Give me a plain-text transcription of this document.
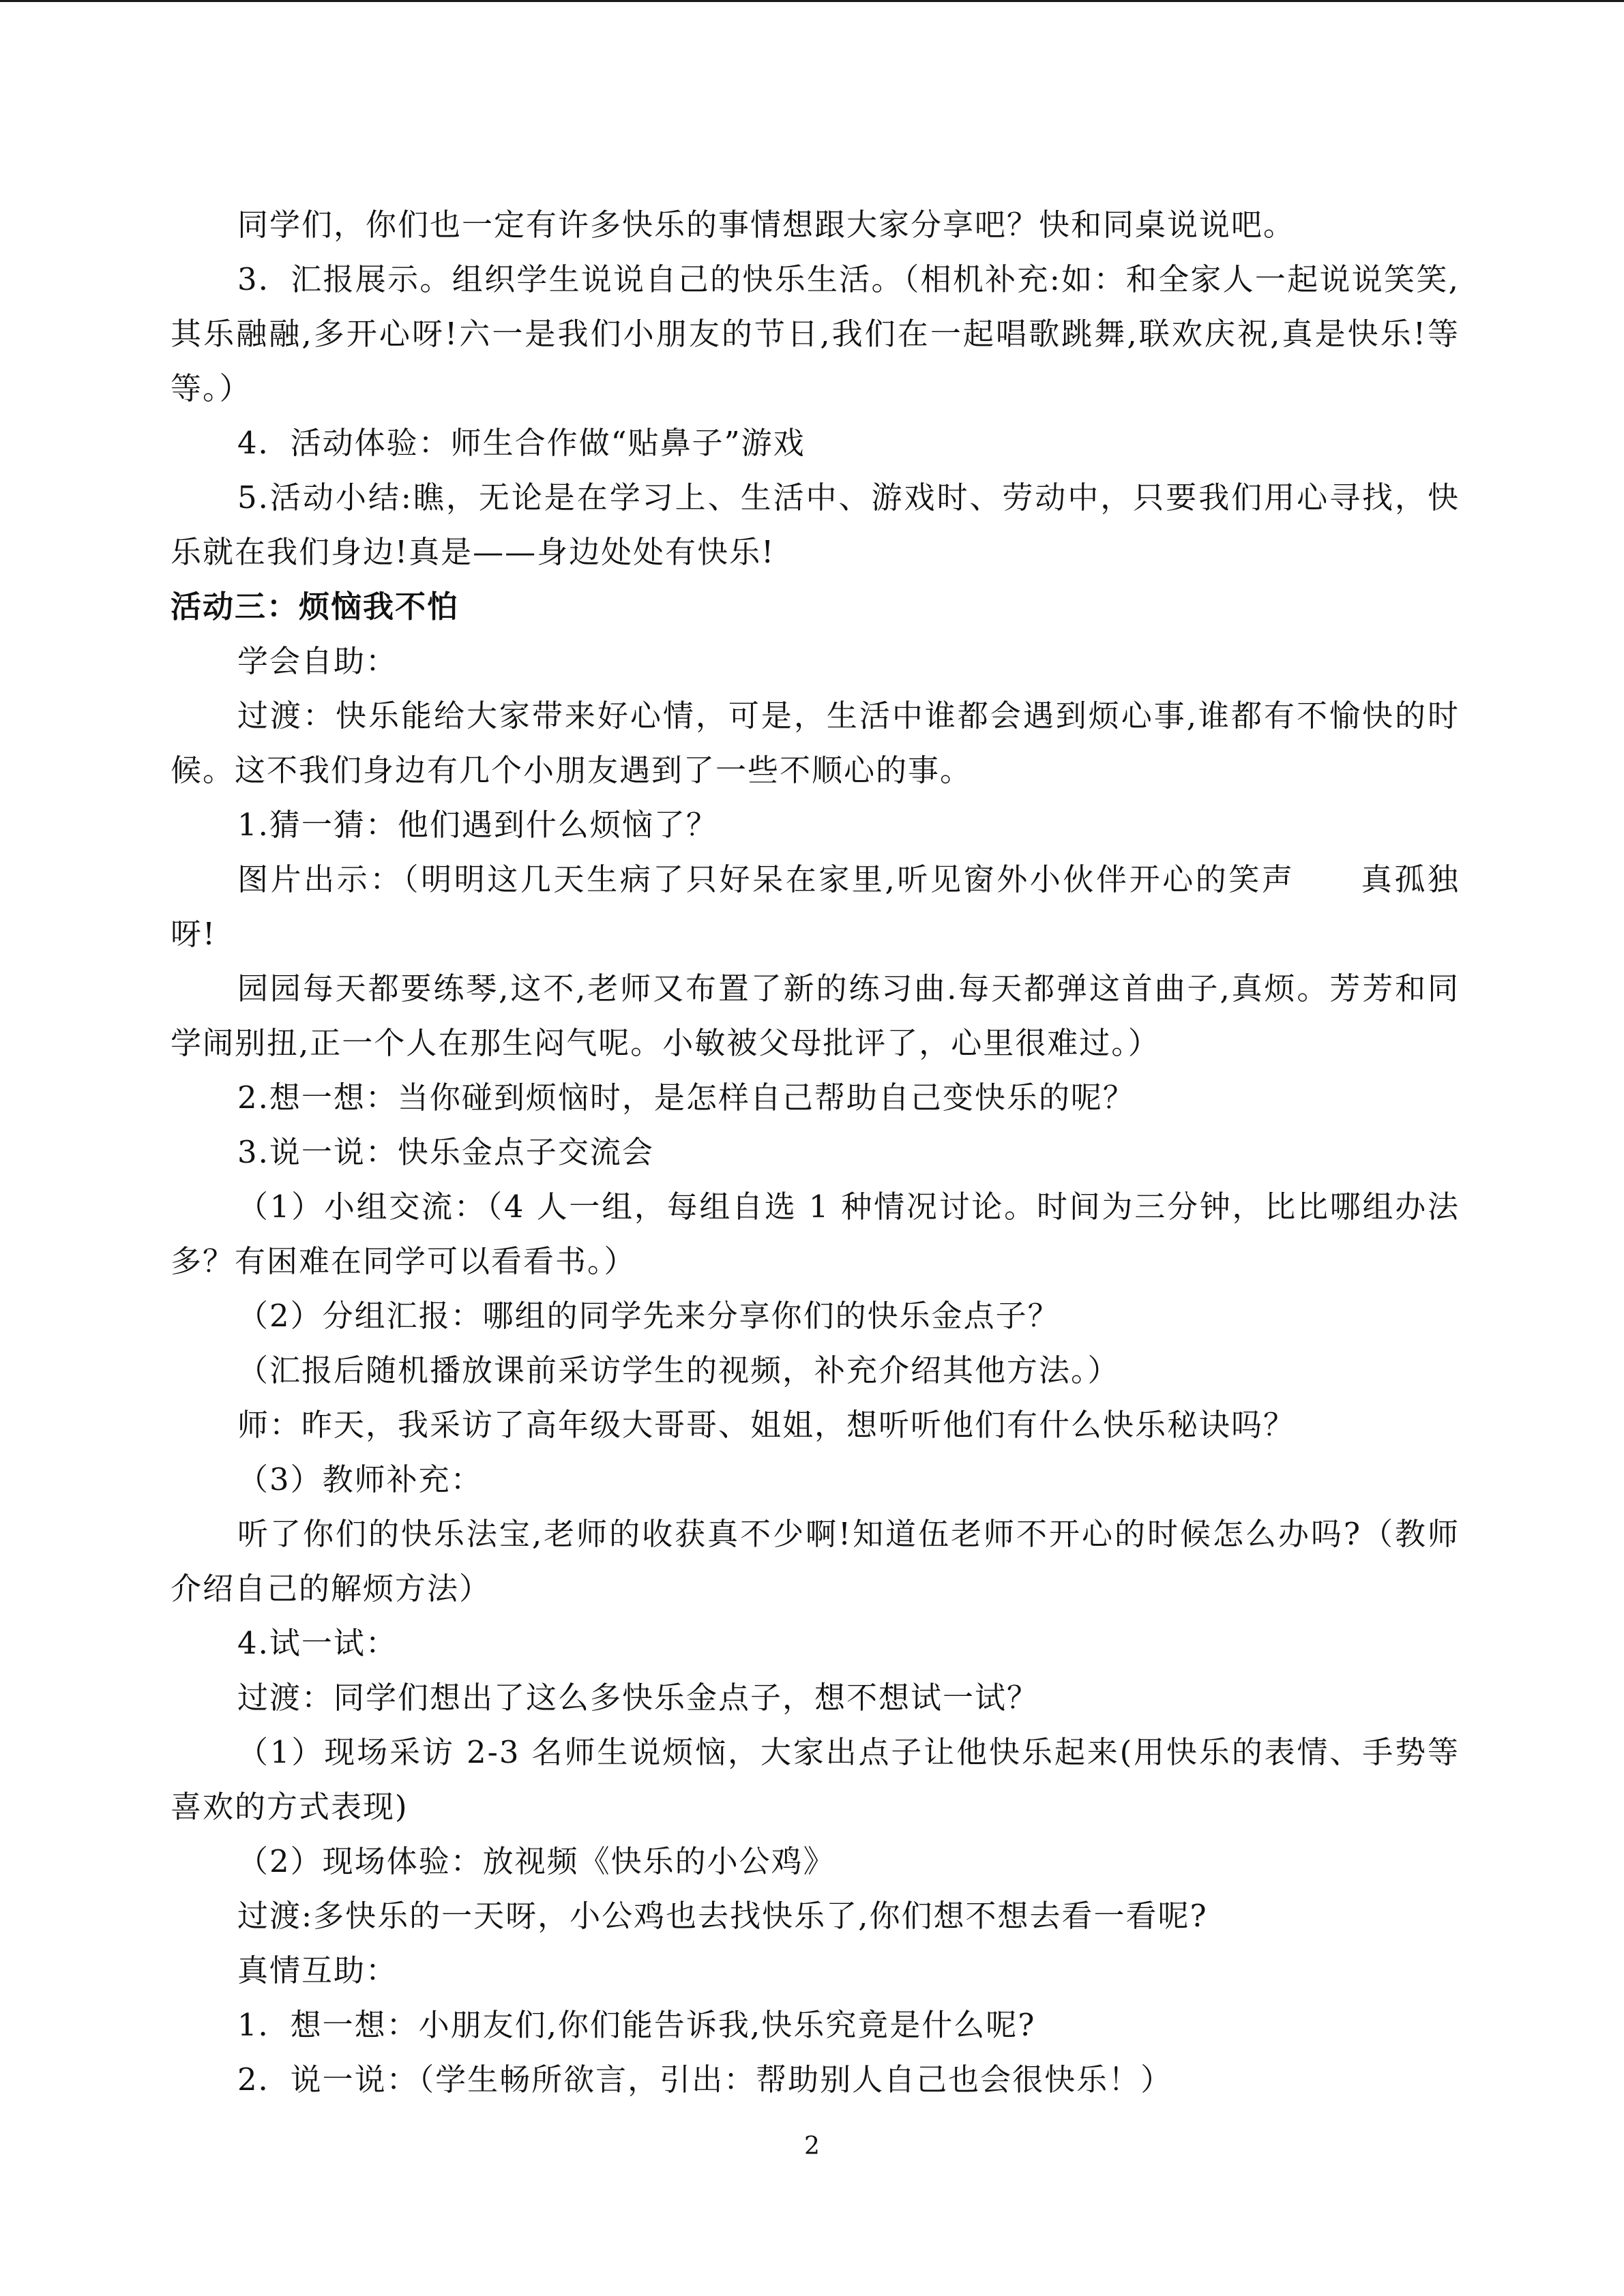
同学们，你们也一定有许多快乐的事情想跟大家分享吧？快和同桌说说吧。

3．汇报展示。组织学生说说自己的快乐生活。（相机补充:如：和全家人一起说说笑笑,其乐融融,多开心呀!六一是我们小朋友的节日,我们在一起唱歌跳舞,联欢庆祝,真是快乐!等等。）

4．活动体验：师生合作做“贴鼻子”游戏

5.活动小结:瞧，无论是在学习上、生活中、游戏时、劳动中，只要我们用心寻找，快乐就在我们身边!真是——身边处处有快乐!

活动三：烦恼我不怕

学会自助：

过渡：快乐能给大家带来好心情，可是，生活中谁都会遇到烦心事,谁都有不愉快的时候。这不我们身边有几个小朋友遇到了一些不顺心的事。

1.猜一猜：他们遇到什么烦恼了？

图片出示：（明明这几天生病了只好呆在家里,听见窗外小伙伴开心的笑声　　真孤独呀!

园园每天都要练琴,这不,老师又布置了新的练习曲.每天都弹这首曲子,真烦。芳芳和同学闹别扭,正一个人在那生闷气呢。小敏被父母批评了，心里很难过。）

2.想一想：当你碰到烦恼时，是怎样自己帮助自己变快乐的呢？

3.说一说：快乐金点子交流会

（1）小组交流：（4 人一组，每组自选 1 种情况讨论。时间为三分钟，比比哪组办法多？有困难在同学可以看看书。）

（2）分组汇报：哪组的同学先来分享你们的快乐金点子？

（汇报后随机播放课前采访学生的视频，补充介绍其他方法。）

师：昨天，我采访了高年级大哥哥、姐姐，想听听他们有什么快乐秘诀吗？

（3）教师补充：

听了你们的快乐法宝,老师的收获真不少啊!知道伍老师不开心的时候怎么办吗?（教师介绍自己的解烦方法）

4.试一试：

过渡：同学们想出了这么多快乐金点子，想不想试一试？

（1）现场采访 2-3 名师生说烦恼，大家出点子让他快乐起来(用快乐的表情、手势等喜欢的方式表现)

（2）现场体验：放视频《快乐的小公鸡》

过渡:多快乐的一天呀，小公鸡也去找快乐了,你们想不想去看一看呢?

真情互助：

1．想一想：小朋友们,你们能告诉我,快乐究竟是什么呢?

2．说一说：（学生畅所欲言，引出：帮助别人自己也会很快乐！）

2
